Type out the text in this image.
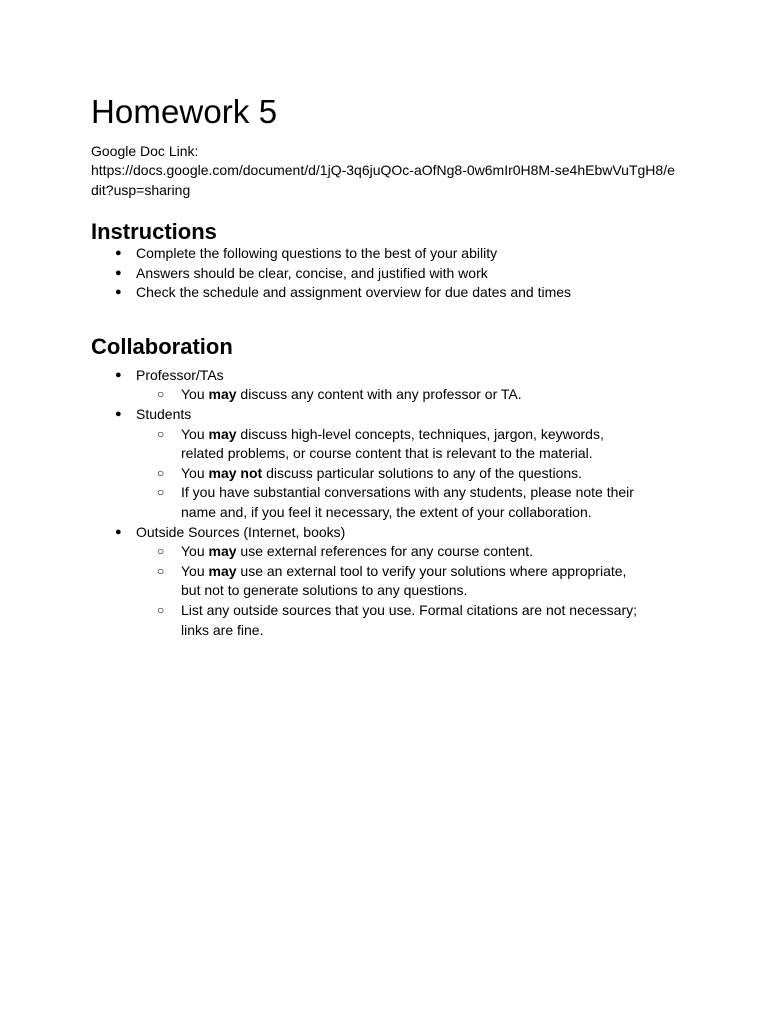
Homework 5

Google Doc Link:

https://docs.google.com/document/d/1jQ-3q6juQOc-aOfNg8-0w6mIr0H8M-se4hEbwVuTgH8/edit?usp=sharing

Instructions
● Complete the following questions to the best of your ability
● Answers should be clear, concise, and justified with work
● Check the schedule and assignment overview for due dates and times
Collaboration
● Professor/TAs
○ You may discuss any content with any professor or TA.
● Students
○ You may discuss high-level concepts, techniques, jargon, keywords, related problems, or course content that is relevant to the material.
○ You may not discuss particular solutions to any of the questions.
○ If you have substantial conversations with any students, please note their name and, if you feel it necessary, the extent of your collaboration.
● Outside Sources (Internet, books)
○ You may use external references for any course content.
○ You may use an external tool to verify your solutions where appropriate, but not to generate solutions to any questions.
○ List any outside sources that you use. Formal citations are not necessary; links are fine.
